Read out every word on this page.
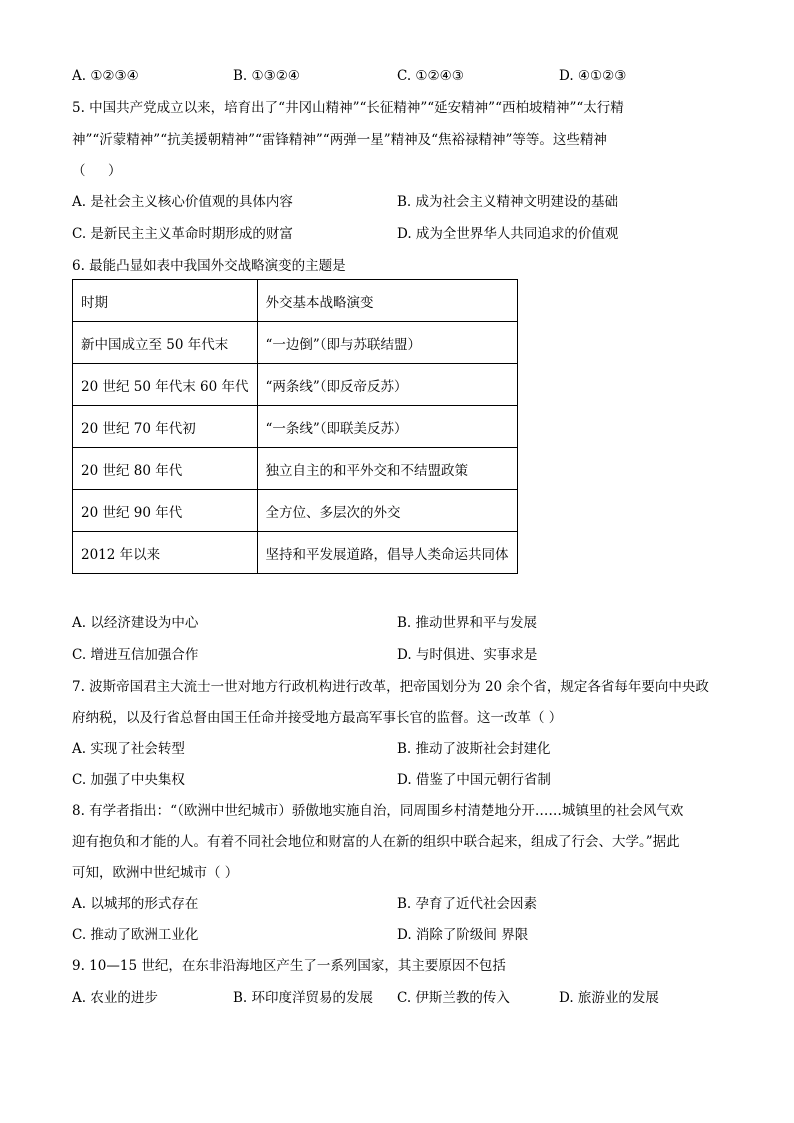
A. ①②③④	B. ①③②④	C. ①②④③	D. ④①②③
5. 中国共产党成立以来，培育出了“井冈山精神”“长征精神”“延安精神”“西柏坡精神”“太行精
神”“沂蒙精神”“抗美援朝精神”“雷锋精神”“两弹一星”精神及“焦裕禄精神”等等。这些精神
（ ）
A. 是社会主义核心价值观的具体内容	B. 成为社会主义精神文明建设的基础
C. 是新民主主义革命时期形成的财富	D. 成为全世界华人共同追求的价值观
6. 最能凸显如表中我国外交战略演变的主题是
时期	外交基本战略演变
新中国成立至 50 年代末	“一边倒”（即与苏联结盟）
20 世纪 50 年代末 60 年代	“两条线”（即反帝反苏）
20 世纪 70 年代初	“一条线”（即联美反苏）
20 世纪 80 年代	独立自主的和平外交和不结盟政策
20 世纪 90 年代	全方位、多层次的外交
2012 年以来	坚持和平发展道路，倡导人类命运共同体
A. 以经济建设为中心	B. 推动世界和平与发展
C. 增进互信加强合作	D. 与时俱进、实事求是
7. 波斯帝国君主大流士一世对地方行政机构进行改革，把帝国划分为 20 余个省，规定各省每年要向中央政
府纳税，以及行省总督由国王任命并接受地方最高军事长官的监督。这一改革（ ）
A. 实现了社会转型	B. 推动了波斯社会封建化
C. 加强了中央集权	D. 借鉴了中国元朝行省制
8. 有学者指出：“（欧洲中世纪城市）骄傲地实施自治，同周围乡村清楚地分开……城镇里的社会风气欢
迎有抱负和才能的人。有着不同社会地位和财富的人在新的组织中联合起来，组成了行会、大学。”据此
可知，欧洲中世纪城市（ ）
A. 以城邦的形式存在	B. 孕育了近代社会因素
C. 推动了欧洲工业化	D. 消除了阶级间 界限
9. 10—15 世纪，在东非沿海地区产生了一系列国家，其主要原因不包括
A. 农业的进步	B. 环印度洋贸易的发展 C. 伊斯兰教的传入	D. 旅游业的发展
